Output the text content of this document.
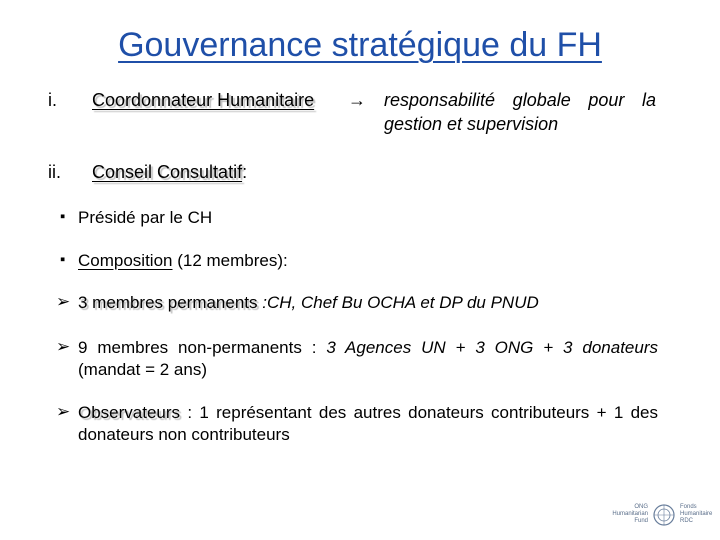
Gouvernance stratégique du FH
i. Coordonnateur Humanitaire → responsabilité globale pour la
gestion et supervision
ii. Conseil Consultatif:
▪ Présidé par le CH
▪ Composition (12 membres):
➢ 3 membres permanents :CH, Chef Bu OCHA et DP du PNUD
➢ 9 membres non-permanents : 3 Agences UN + 3 ONG + 3 donateurs
(mandat = 2 ans)
➢ Observateurs : 1 représentant des autres donateurs contributeurs + 1 des donateurs non contributeurs
ONG Humanitarian Fund
Fonds Humanitaire RDC
